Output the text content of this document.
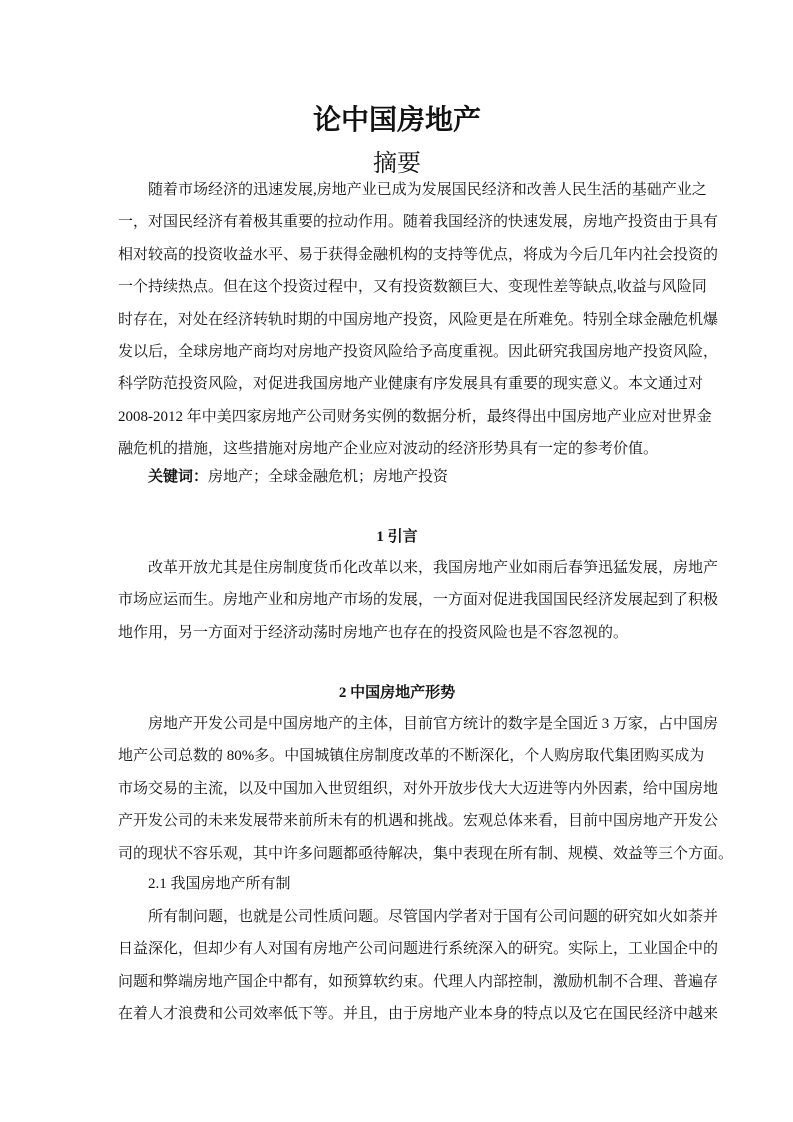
论中国房地产
摘要
随着市场经济的迅速发展,房地产业已成为发展国民经济和改善人民生活的基础产业之
一，对国民经济有着极其重要的拉动作用。随着我国经济的快速发展，房地产投资由于具有
相对较高的投资收益水平、易于获得金融机构的支持等优点，将成为今后几年内社会投资的
一个持续热点。但在这个投资过程中，又有投资数额巨大、变现性差等缺点,收益与风险同
时存在，对处在经济转轨时期的中国房地产投资，风险更是在所难免。特别全球金融危机爆
发以后，全球房地产商均对房地产投资风险给予高度重视。因此研究我国房地产投资风险，
科学防范投资风险，对促进我国房地产业健康有序发展具有重要的现实意义。本文通过对
2008-2012 年中美四家房地产公司财务实例的数据分析，最终得出中国房地产业应对世界金
融危机的措施，这些措施对房地产企业应对波动的经济形势具有一定的参考价值。
关键词：房地产；全球金融危机；房地产投资
1 引言
改革开放尤其是住房制度货币化改革以来，我国房地产业如雨后春笋迅猛发展，房地产
市场应运而生。房地产业和房地产市场的发展，一方面对促进我国国民经济发展起到了积极
地作用，另一方面对于经济动荡时房地产也存在的投资风险也是不容忽视的。
2 中国房地产形势
房地产开发公司是中国房地产的主体，目前官方统计的数字是全国近 3 万家，占中国房
地产公司总数的 80%多。中国城镇住房制度改革的不断深化，个人购房取代集团购买成为
市场交易的主流，以及中国加入世贸组织，对外开放步伐大大迈进等内外因素，给中国房地
产开发公司的未来发展带来前所未有的机遇和挑战。宏观总体来看，目前中国房地产开发公
司的现状不容乐观，其中许多问题都亟待解决，集中表现在所有制、规模、效益等三个方面。
2.1 我国房地产所有制
所有制问题，也就是公司性质问题。尽管国内学者对于国有公司问题的研究如火如荼并
日益深化，但却少有人对国有房地产公司问题进行系统深入的研究。实际上，工业国企中的
问题和弊端房地产国企中都有，如预算软约束。代理人内部控制，激励机制不合理、普遍存
在着人才浪费和公司效率低下等。并且，由于房地产业本身的特点以及它在国民经济中越来
